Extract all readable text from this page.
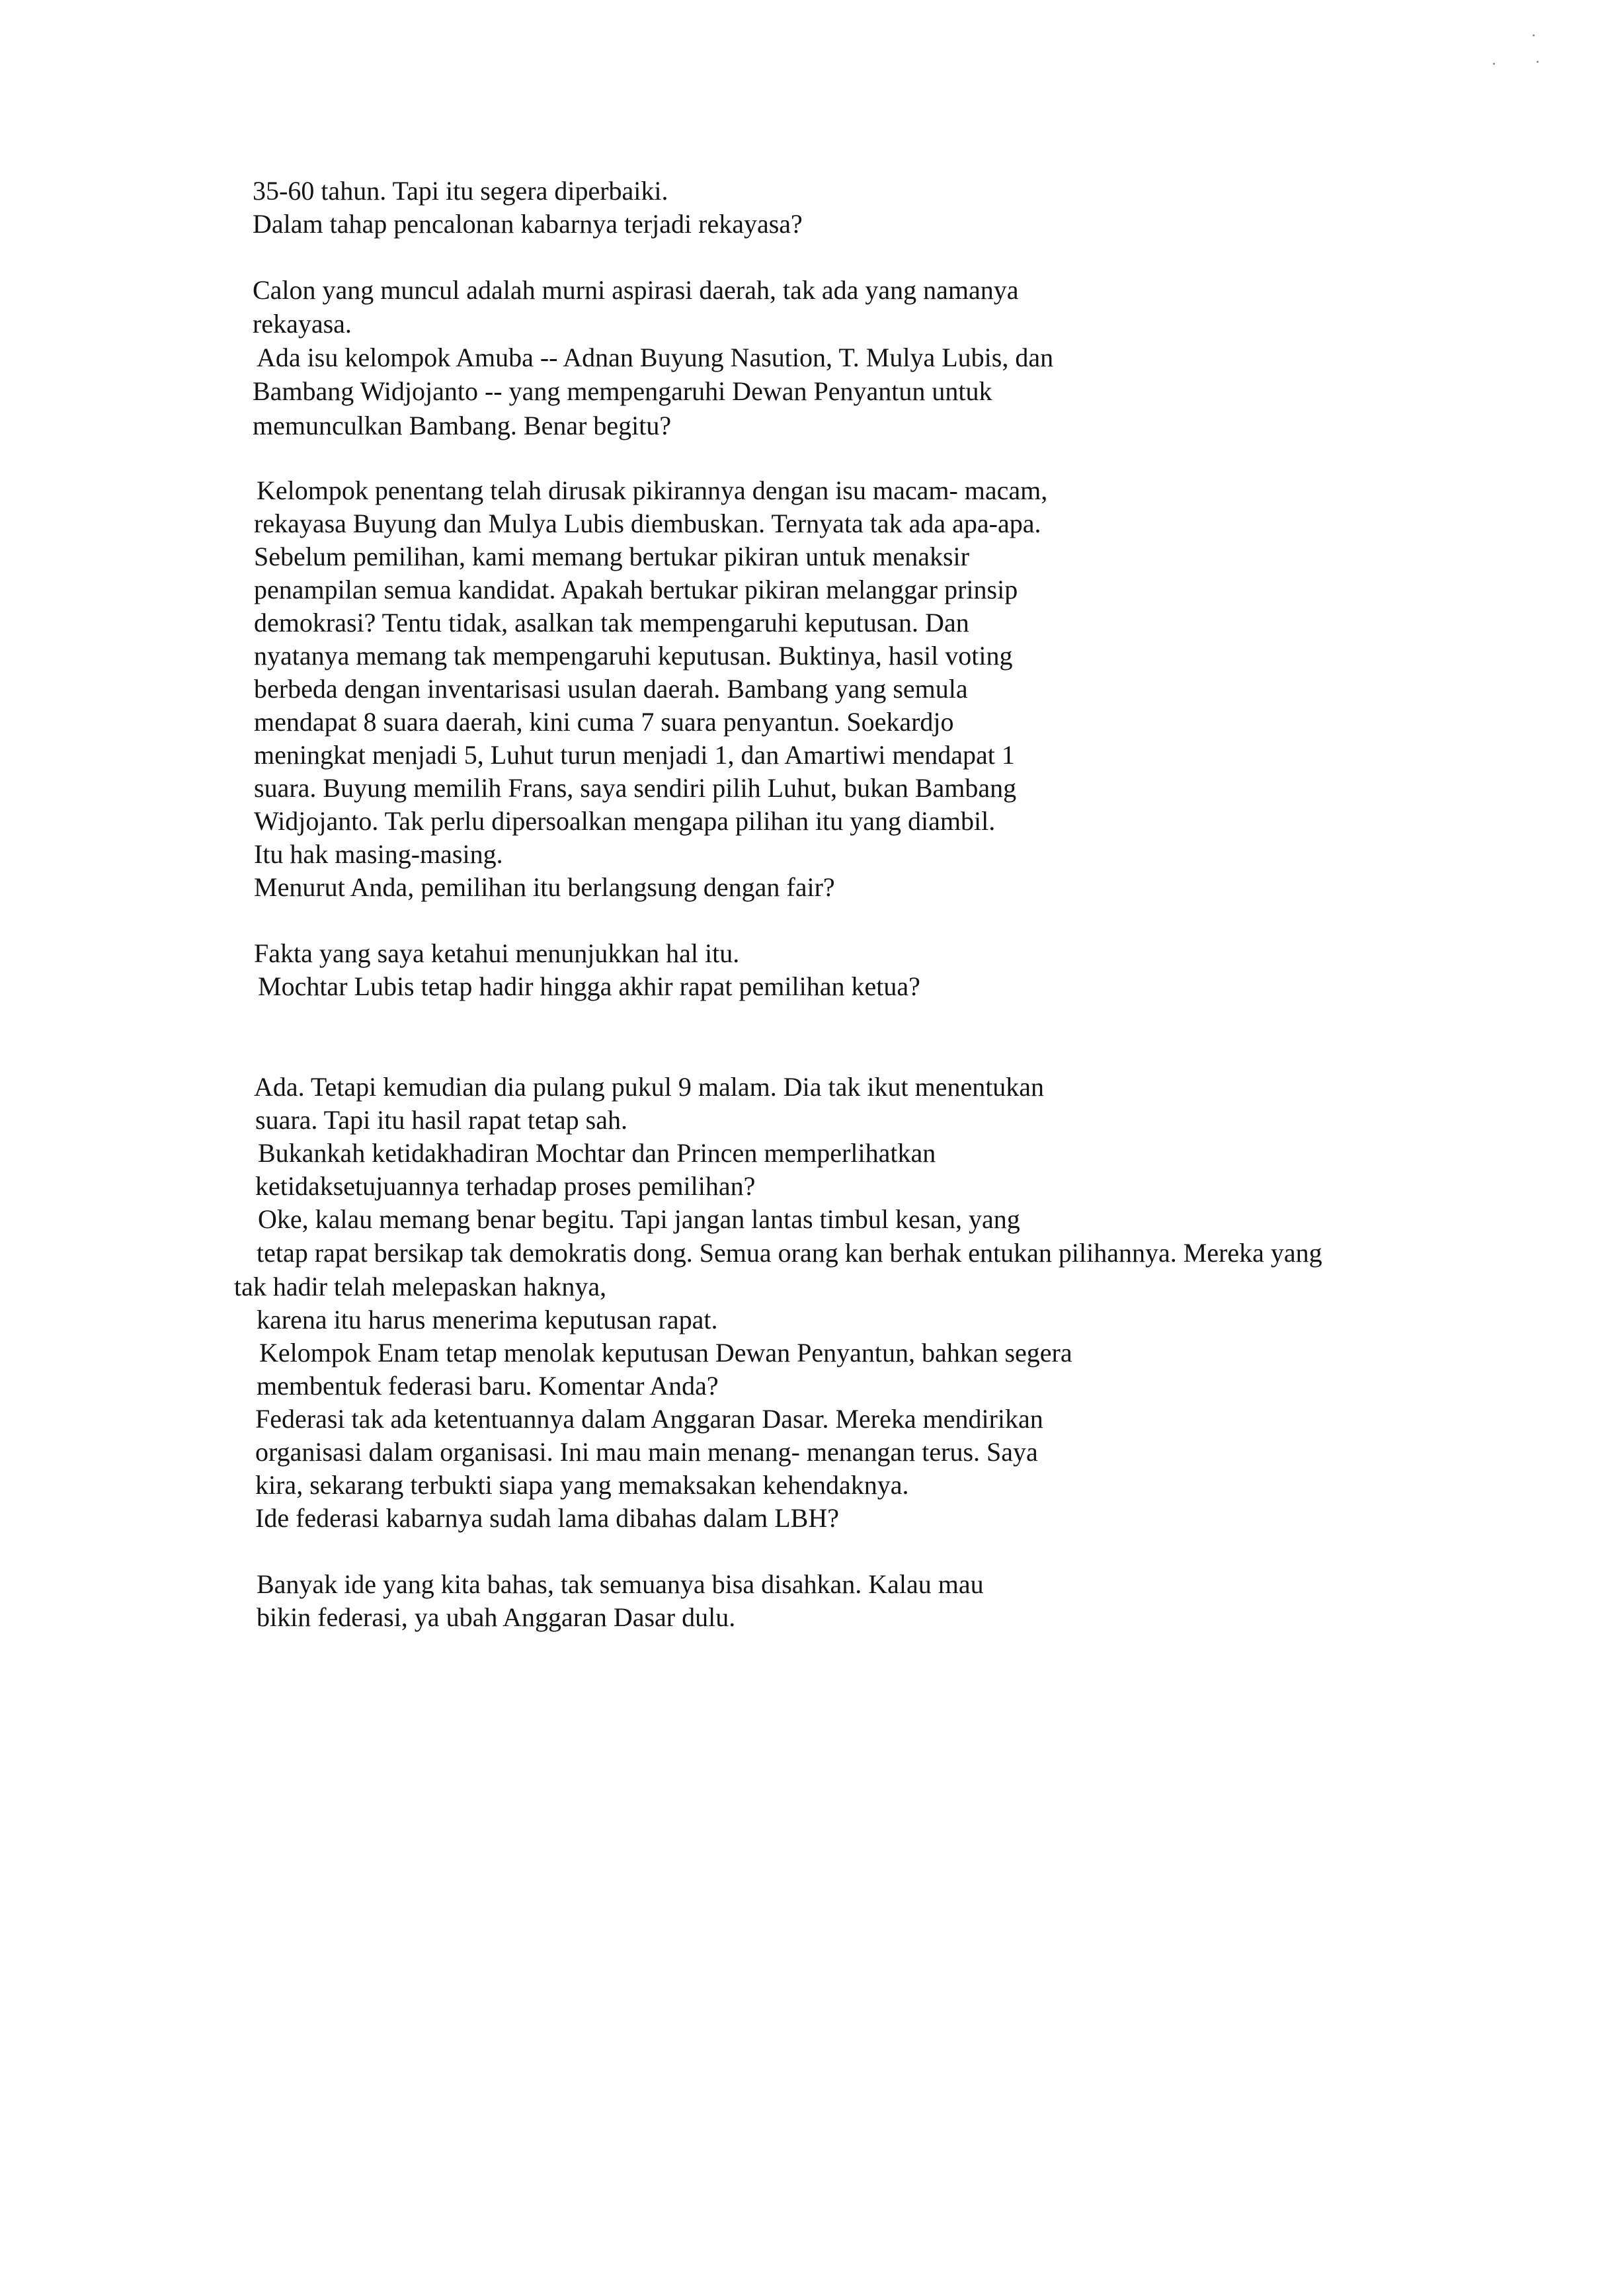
35-60 tahun. Tapi itu segera diperbaiki.

Dalam tahap pencalonan kabarnya terjadi rekayasa?

Calon yang muncul adalah murni aspirasi daerah, tak ada yang namanya

rekayasa.

Ada isu kelompok Amuba -- Adnan Buyung Nasution, T. Mulya Lubis, dan

Bambang Widjojanto -- yang mempengaruhi Dewan Penyantun untuk

memunculkan Bambang. Benar begitu?

Kelompok penentang telah dirusak pikirannya dengan isu macam- macam,

rekayasa Buyung dan Mulya Lubis diembuskan. Ternyata tak ada apa-apa.

Sebelum pemilihan, kami memang bertukar pikiran untuk menaksir

penampilan semua kandidat. Apakah bertukar pikiran melanggar prinsip

demokrasi? Tentu tidak, asalkan tak mempengaruhi keputusan. Dan

nyatanya memang tak mempengaruhi keputusan. Buktinya, hasil voting

berbeda dengan inventarisasi usulan daerah. Bambang yang semula

mendapat 8 suara daerah, kini cuma 7 suara penyantun. Soekardjo

meningkat menjadi 5, Luhut turun menjadi 1, dan Amartiwi mendapat 1

suara. Buyung memilih Frans, saya sendiri pilih Luhut, bukan Bambang

Widjojanto. Tak perlu dipersoalkan mengapa pilihan itu yang diambil.

Itu hak masing-masing.

Menurut Anda, pemilihan itu berlangsung dengan fair?

Fakta yang saya ketahui menunjukkan hal itu.

Mochtar Lubis tetap hadir hingga akhir rapat pemilihan ketua?

Ada. Tetapi kemudian dia pulang pukul 9 malam. Dia tak ikut menentukan

suara. Tapi itu hasil rapat tetap sah.

Bukankah ketidakhadiran Mochtar dan Princen memperlihatkan

ketidaksetujuannya terhadap proses pemilihan?

Oke, kalau memang benar begitu. Tapi jangan lantas timbul kesan, yang

tetap rapat bersikap tak demokratis dong. Semua orang kan berhak entukan pilihannya. Mereka yang

tak hadir telah melepaskan haknya,

karena itu harus menerima keputusan rapat.

Kelompok Enam tetap menolak keputusan Dewan Penyantun, bahkan segera

membentuk federasi baru. Komentar Anda?

Federasi tak ada ketentuannya dalam Anggaran Dasar. Mereka mendirikan

organisasi dalam organisasi. Ini mau main menang- menangan terus. Saya

kira, sekarang terbukti siapa yang memaksakan kehendaknya.

Ide federasi kabarnya sudah lama dibahas dalam LBH?

Banyak ide yang kita bahas, tak semuanya bisa disahkan. Kalau mau

bikin federasi, ya ubah Anggaran Dasar dulu.
